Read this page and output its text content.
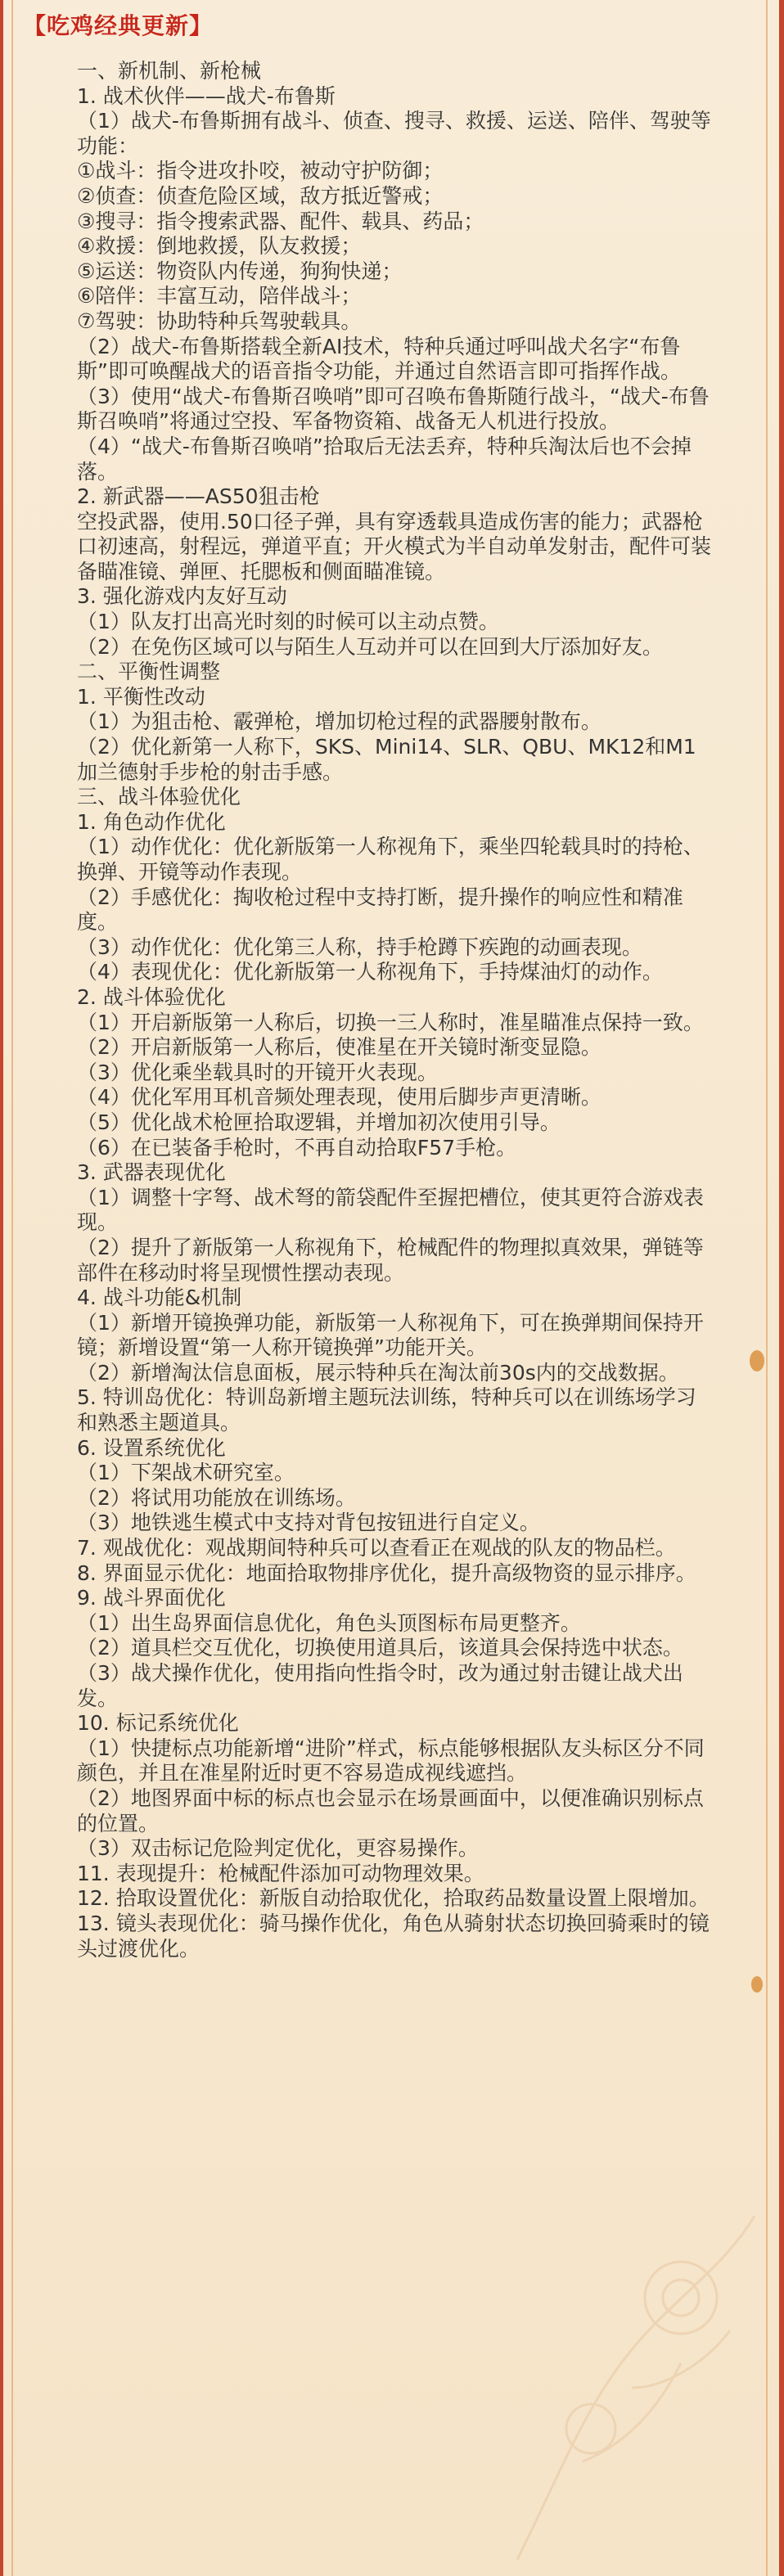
【吃鸡经典更新】
一、新机制、新枪械
1. 战术伙伴——战犬-布鲁斯
（1）战犬-布鲁斯拥有战斗、侦查、搜寻、救援、运送、陪伴、驾驶等功能：
①战斗：指令进攻扑咬，被动守护防御；
②侦查：侦查危险区域，敌方抵近警戒；
③搜寻：指令搜索武器、配件、载具、药品；
④救援：倒地救援，队友救援；
⑤运送：物资队内传递，狗狗快递；
⑥陪伴：丰富互动，陪伴战斗；
⑦驾驶：协助特种兵驾驶载具。
（2）战犬-布鲁斯搭载全新AI技术，特种兵通过呼叫战犬名字“布鲁斯”即可唤醒战犬的语音指令功能，并通过自然语言即可指挥作战。
（3）使用“战犬-布鲁斯召唤哨”即可召唤布鲁斯随行战斗，“战犬-布鲁斯召唤哨”将通过空投、军备物资箱、战备无人机进行投放。
（4）“战犬-布鲁斯召唤哨”拾取后无法丢弃，特种兵淘汰后也不会掉落。
2. 新武器——AS50狙击枪
空投武器，使用.50口径子弹，具有穿透载具造成伤害的能力；武器枪口初速高，射程远，弹道平直；开火模式为半自动单发射击，配件可装备瞄准镜、弹匣、托腮板和侧面瞄准镜。
3. 强化游戏内友好互动
（1）队友打出高光时刻的时候可以主动点赞。
（2）在免伤区域可以与陌生人互动并可以在回到大厅添加好友。
二、平衡性调整
1. 平衡性改动
（1）为狙击枪、霰弹枪，增加切枪过程的武器腰射散布。
（2）优化新第一人称下，SKS、Mini14、SLR、QBU、MK12和M1加兰德射手步枪的射击手感。
三、战斗体验优化
1. 角色动作优化
（1）动作优化：优化新版第一人称视角下，乘坐四轮载具时的持枪、换弹、开镜等动作表现。
（2）手感优化：掏收枪过程中支持打断，提升操作的响应性和精准度。
（3）动作优化：优化第三人称，持手枪蹲下疾跑的动画表现。
（4）表现优化：优化新版第一人称视角下，手持煤油灯的动作。
2. 战斗体验优化
（1）开启新版第一人称后，切换一三人称时，准星瞄准点保持一致。
（2）开启新版第一人称后，使准星在开关镜时渐变显隐。
（3）优化乘坐载具时的开镜开火表现。
（4）优化军用耳机音频处理表现，使用后脚步声更清晰。
（5）优化战术枪匣拾取逻辑，并增加初次使用引导。
（6）在已装备手枪时，不再自动拾取F57手枪。
3. 武器表现优化
（1）调整十字弩、战术弩的箭袋配件至握把槽位，使其更符合游戏表现。
（2）提升了新版第一人称视角下，枪械配件的物理拟真效果，弹链等部件在移动时将呈现惯性摆动表现。
4. 战斗功能&机制
（1）新增开镜换弹功能，新版第一人称视角下，可在换弹期间保持开镜；新增设置“第一人称开镜换弹”功能开关。
（2）新增淘汰信息面板，展示特种兵在淘汰前30s内的交战数据。
5. 特训岛优化：特训岛新增主题玩法训练，特种兵可以在训练场学习和熟悉主题道具。
6. 设置系统优化
（1）下架战术研究室。
（2）将试用功能放在训练场。
（3）地铁逃生模式中支持对背包按钮进行自定义。
7. 观战优化：观战期间特种兵可以查看正在观战的队友的物品栏。
8. 界面显示优化：地面拾取物排序优化，提升高级物资的显示排序。
9. 战斗界面优化
（1）出生岛界面信息优化，角色头顶图标布局更整齐。
（2）道具栏交互优化，切换使用道具后，该道具会保持选中状态。
（3）战犬操作优化，使用指向性指令时，改为通过射击键让战犬出发。
10. 标记系统优化
（1）快捷标点功能新增“进阶”样式，标点能够根据队友头标区分不同颜色，并且在准星附近时更不容易造成视线遮挡。
（2）地图界面中标的标点也会显示在场景画面中，以便准确识别标点的位置。
（3）双击标记危险判定优化，更容易操作。
11. 表现提升：枪械配件添加可动物理效果。
12. 拾取设置优化：新版自动拾取优化，拾取药品数量设置上限增加。
13. 镜头表现优化：骑马操作优化，角色从骑射状态切换回骑乘时的镜头过渡优化。
